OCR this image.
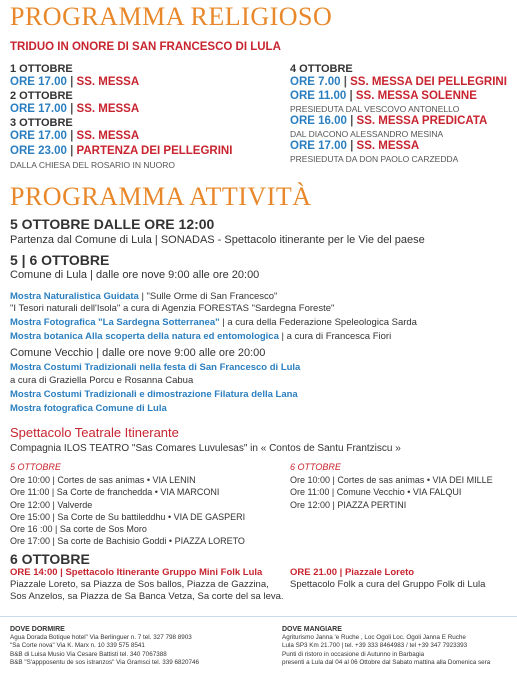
PROGRAMMA RELIGIOSO
TRIDUO IN ONORE DI SAN FRANCESCO DI LULA
1 OTTOBRE
ORE 17.00 | SS. MESSA
2 OTTOBRE
ORE 17.00 | SS. MESSA
3 OTTOBRE
ORE 17.00 | SS. MESSA
ORE 23.00 | PARTENZA DEI PELLEGRINI
DALLA CHIESA DEL ROSARIO IN NUORO
4 OTTOBRE
ORE 7.00 | SS. MESSA DEI PELLEGRINI
ORE 11.00 | SS. MESSA SOLENNE
PRESIEDUTA DAL VESCOVO ANTONELLO
ORE 16.00 | SS. MESSA PREDICATA
DAL DIACONO ALESSANDRO MESINA
ORE 17.00 | SS. MESSA
PRESIEDUTA DA DON PAOLO CARZEDDA
PROGRAMMA ATTIVITÀ
5 OTTOBRE DALLE ORE 12:00
Partenza dal Comune di Lula | SONADAS - Spettacolo itinerante per le Vie del paese
5 | 6 OTTOBRE
Comune di Lula | dalle ore nove 9:00 alle ore 20:00
Mostra Naturalistica Guidata | "Sulle Orme di San Francesco"
"I Tesori naturali dell'Isola" a cura di Agenzia FORESTAS "Sardegna Foreste"
Mostra Fotografica "La Sardegna Sotterranea" | a cura della Federazione Speleologica Sarda
Mostra botanica Alla scoperta della natura ed entomologica | a cura di Francesca Fiori
Comune Vecchio | dalle ore nove 9:00 alle ore 20:00
Mostra Costumi Tradizionali nella festa di San Francesco di Lula
a cura di Graziella Porcu e Rosanna Cabua
Mostra Costumi Tradizionali e dimostrazione Filatura della Lana
Mostra fotografica Comune di Lula
Spettacolo Teatrale Itinerante
Compagnia ILOS TEATRO "Sas Comares Luvulesas" in « Contos de Santu Frantziscu »
5 OTTOBRE
Ore 10:00 | Cortes de sas animas • VIA LENIN
Ore 11:00 | Sa Corte de franchedda • VIA MARCONI
Ore 12:00 | Valverde
Ore 15:00 | Sa Corte de Su battileddhu • VIA DE GASPERI
Ore 16 :00 | Sa corte de Sos Moro
Ore 17:00 | Sa corte de Bachisio Goddi • PIAZZA LORETO
6 OTTOBRE
Ore 10:00 | Cortes de sas animas • VIA DEI MILLE
Ore 11:00 | Comune Vecchio • VIA FALQUI
Ore 12:00 | PIAZZA PERTINI
6 OTTOBRE
ORE 14:00 | Spettacolo Itinerante Gruppo Mini Folk Lula
Piazzale Loreto, sa Piazza de Sos ballos, Piazza de Gazzina,
Sos Anzelos, sa Piazza de Sa Banca Vetza, Sa corte del sa leva.
ORE 21.00 | Piazzale Loreto
Spettacolo Folk a cura del Gruppo Folk di Lula
DOVE DORMIRE
Agua Dorada Botique hotel" Via Berlinguer n. 7 tel. 327 798 8903
"Sa Corte nova" Via K. Marx n. 10 339 575 8541
B&B di Luisa Musio Via Cesare Battisti tel. 340 7067388
B&B "S'appposentu de sos istranzos" Via Gramsci tel. 339 6820746
DOVE MANGIARE
Agriturismo Janna 'e Ruche , Loc Ogoli Loc. Ogoli Janna E Ruche
Lula SP3 Km 21.700 | tel. +39 333 8464983 / tel +39 347 7923393
Punti di ristoro in occasione di Autunno in Barbagia
presenti a Lula dal 04 al 06 Ottobre dal Sabato mattina alla Domenica sera
